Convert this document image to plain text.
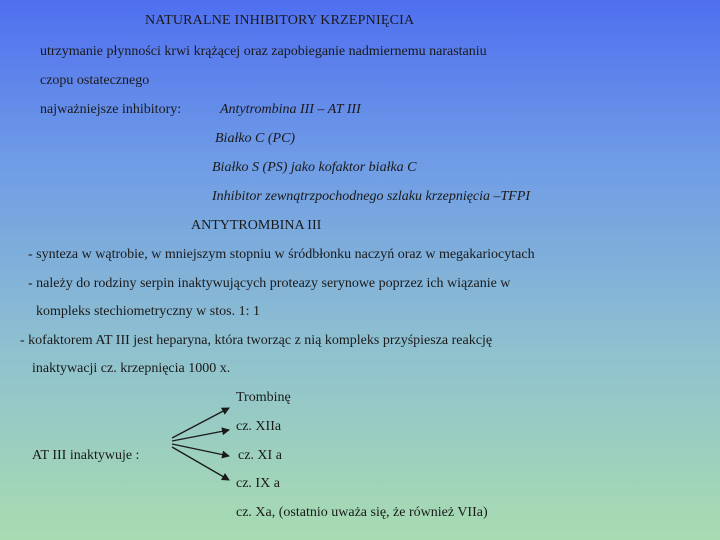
NATURALNE INHIBITORY KRZEPNIĘCIA
utrzymanie płynności krwi krążącej oraz zapobieganie nadmiernemu narastaniu
czopu ostatecznego
najważniejsze inhibitory:	Antytrombina III – AT III
Białko C (PC)
Białko S (PS) jako kofaktor białka C
Inhibitor zewnątrzpochodnego szlaku krzepnięcia –TFPI
ANTYTROMBINA III
- synteza w wątrobie, w mniejszym stopniu w śródbłonku naczyń oraz w megakariocytach
- należy do rodziny serpin inaktywujących proteazy serynowe poprzez ich wiązanie w
kompleks stechiometryczny w stos. 1: 1
- kofaktorem AT III jest heparyna, która tworząc z nią kompleks przyśpiesza reakcję
inaktywacji cz. krzepnięcia 1000 x.
Trombinę
cz. XIIa
AT III inaktywuje :	cz. XI a
cz. IX a
cz. Xa, (ostatnio uważa się, że również VIIa)
